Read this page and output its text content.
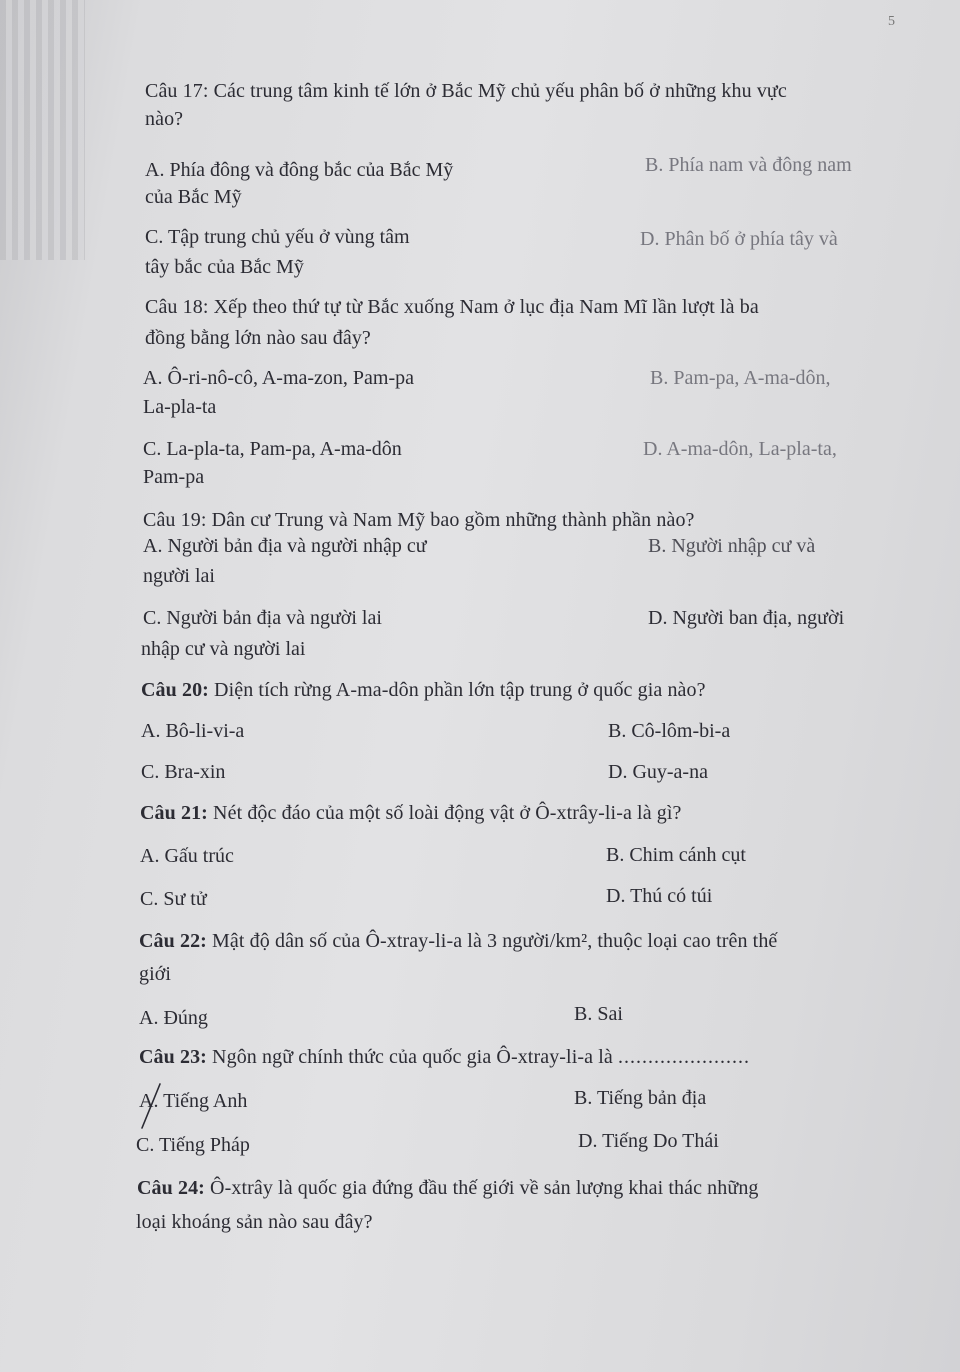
5
Câu 17: Các trung tâm kinh tế lớn ở Bắc Mỹ chủ yếu phân bố ở những khu vực
nào?
A. Phía đông và đông bắc của Bắc Mỹ	B. Phía nam và đông nam
của Bắc Mỹ
C. Tập trung chủ yếu ở vùng tâm	D. Phân bố ở phía tây và
tây bắc của Bắc Mỹ
Câu 18: Xếp theo thứ tự từ Bắc xuống Nam ở lục địa Nam Mĩ lần lượt là ba
đồng bằng lớn nào sau đây?
A. Ô-ri-nô-cô, A-ma-zon, Pam-pa	B. Pam-pa, A-ma-dôn,
La-pla-ta
C. La-pla-ta, Pam-pa, A-ma-dôn	D. A-ma-dôn, La-pla-ta,
Pam-pa
Câu 19: Dân cư Trung và Nam Mỹ bao gồm những thành phần nào?
A. Người bản địa và người nhập cư	B. Người nhập cư và
người lai
C. Người bản địa và người lai	D. Người ban địa, người
nhập cư và người lai
Câu 20: Diện tích rừng A-ma-dôn phần lớn tập trung ở quốc gia nào?
A. Bô-li-vi-a	B. Cô-lôm-bi-a
C. Bra-xin	D. Guy-a-na
Câu 21: Nét độc đáo của một số loài động vật ở Ô-xtrây-li-a là gì?
A. Gấu trúc	B. Chim cánh cụt
C. Sư tử	D. Thú có túi
Câu 22: Mật độ dân số của Ô-xtray-li-a là 3 người/km², thuộc loại cao trên thế
giới
A. Đúng	B. Sai
Câu 23: Ngôn ngữ chính thức của quốc gia Ô-xtray-li-a là ......................
A. Tiếng Anh	B. Tiếng bản địa
C. Tiếng Pháp	D. Tiếng Do Thái
Câu 24: Ô-xtrây là quốc gia đứng đầu thế giới về sản lượng khai thác những
loại khoáng sản nào sau đây?
